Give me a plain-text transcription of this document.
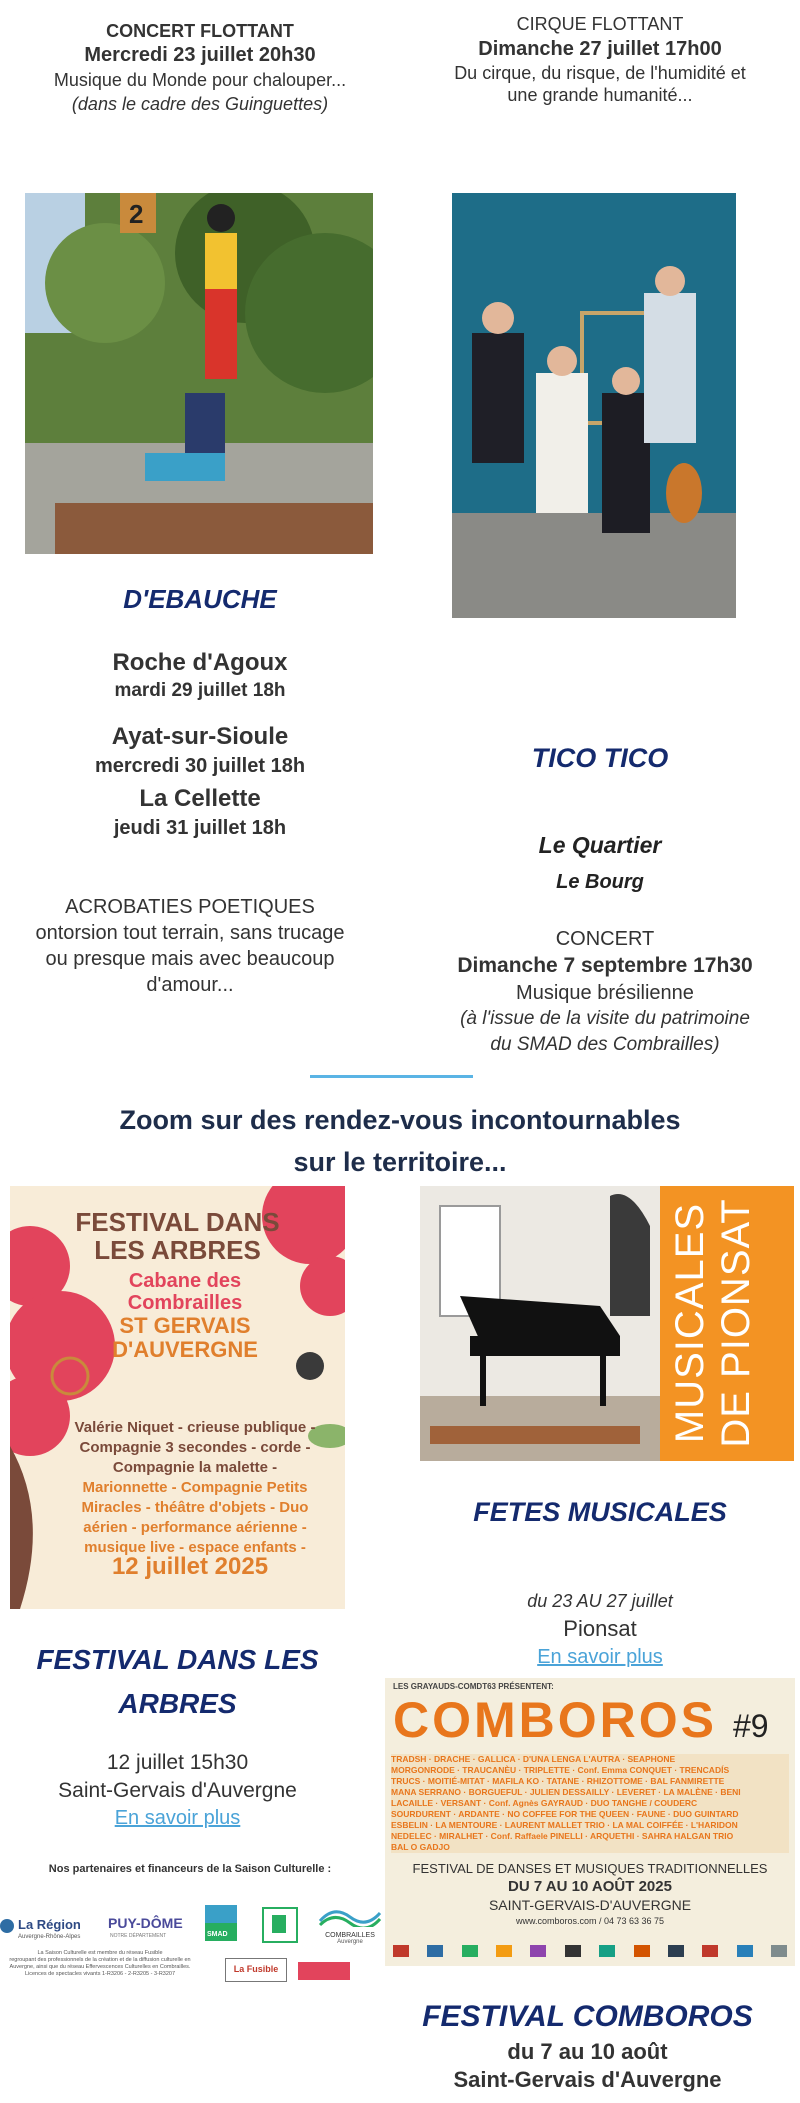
CONCERT FLOTTANT
Mercredi 23 juillet 20h30
Musique du Monde pour chalouper...
(dans le cadre des Guinguettes)
CIRQUE FLOTTANT
Dimanche 27 juillet 17h00
Du cirque, du risque, de l'humidité et
une grande humanité...
2
D'EBAUCHE
Roche d'Agoux
mardi 29 juillet 18h
Ayat-sur-Sioule
mercredi 30 juillet 18h
La Cellette
jeudi 31 juillet 18h
ACROBATIES POETIQUES
ontorsion tout terrain, sans trucage
ou presque mais avec beaucoup
d'amour...
TICO TICO
Le Quartier
Le Bourg
CONCERT
Dimanche 7 septembre 17h30
Musique brésilienne
(à l'issue de la visite du patrimoine
du SMAD des Combrailles)
Zoom sur des rendez-vous incontournables
sur le territoire...
FESTIVAL DANS
LES ARBRES
Cabane des
Combrailles
ST GERVAIS
D'AUVERGNE
Valérie Niquet - crieuse publique -
Compagnie 3 secondes - corde -
Compagnie la malette -
Marionnette - Compagnie Petits
Miracles - théâtre d'objets - Duo
aérien - performance aérienne -
musique live - espace enfants -
12 juillet 2025
MUSICALES DE PIONSAT
FETES MUSICALES
du 23 AU 27 juillet
Pionsat
En savoir plus
FESTIVAL DANS LES
ARBRES
12 juillet 15h30
Saint-Gervais d'Auvergne
En savoir plus
LES GRAYAUDS-COMDT63 PRÉSENTENT:
COMBOROS #9
TRADSH · DRACHE · GALLICA · D'UNA LENGA L'AUTRA · SEAPHONE
MORGONRODE · TRAUCANÈU · TRIPLETTE · Conf. Emma CONQUET · TRENCADÍS
TRUCS · MOITIÉ-MITAT · MAFILA KO · TATANE · RHIZOTTOME · BAL FANMIRETTE
MANA SERRANO · BORGUEFUL · JULIEN DESSAILLY · LEVERET · LA MALÈNE · BENI
LACAILLE · VERSANT · Conf. Agnès GAYRAUD · DUO TANGHE / COUDERC
SOURDURENT · ARDANTE · NO COFFEE FOR THE QUEEN · FAUNE · DUO GUINTARD
ESBELIN · LA MENTOURE · LAURENT MALLET TRIO · LA MAL COIFFÉE · L'HARIDON
NEDELEC · MIRALHET · Conf. Raffaele PINELLI · ARQUETHI · SAHRA HALGAN TRIO
BAL O GADJO
FESTIVAL DE DANSES ET MUSIQUES TRADITIONNELLES
DU 7 AU 10 AOÛT 2025
SAINT-GERVAIS-D'AUVERGNE
www.comboros.com / 04 73 63 36 75
Nos partenaires et financeurs de la Saison Culturelle :
La Région
Auvergne-Rhône-Alpes
PUY-DÔME
NOTRE DÉPARTEMENT	SMAD	COMBRAILLES
Auvergne
La Saison Culturelle est membre du réseau Fusible
regroupant des professionnels de la création et de la diffusion culturelle en
Auvergne, ainsi que du réseau Effervescences Culturelles en Combrailles.
Licences de spectacles vivants 1-R3206 - 2-R3205 - 3-R3207	La Fusible
FESTIVAL COMBOROS
du 7 au 10 août
Saint-Gervais d'Auvergne
